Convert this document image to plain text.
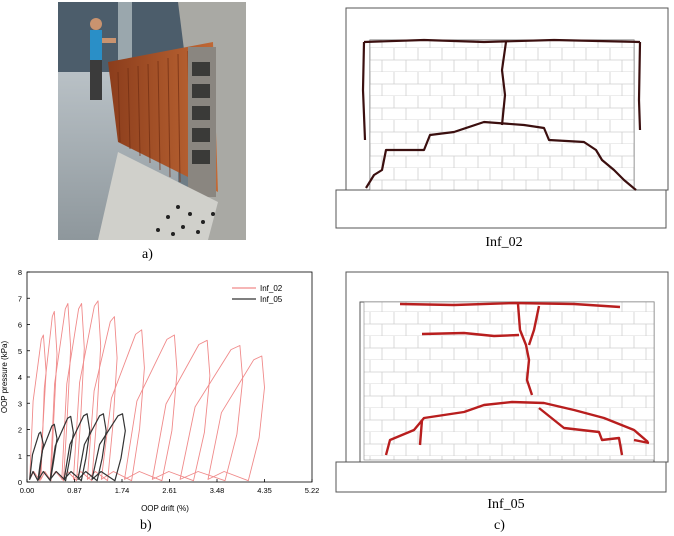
a)
0.00	0.87	1.74	2.61	3.48	4.35	5.22
0
1
2
3
4
5
6
7
8
Inf_02
Inf_05
OOP pressure (kPa)
OOP drift (%)
b)
Inf_02
Inf_05
c)
